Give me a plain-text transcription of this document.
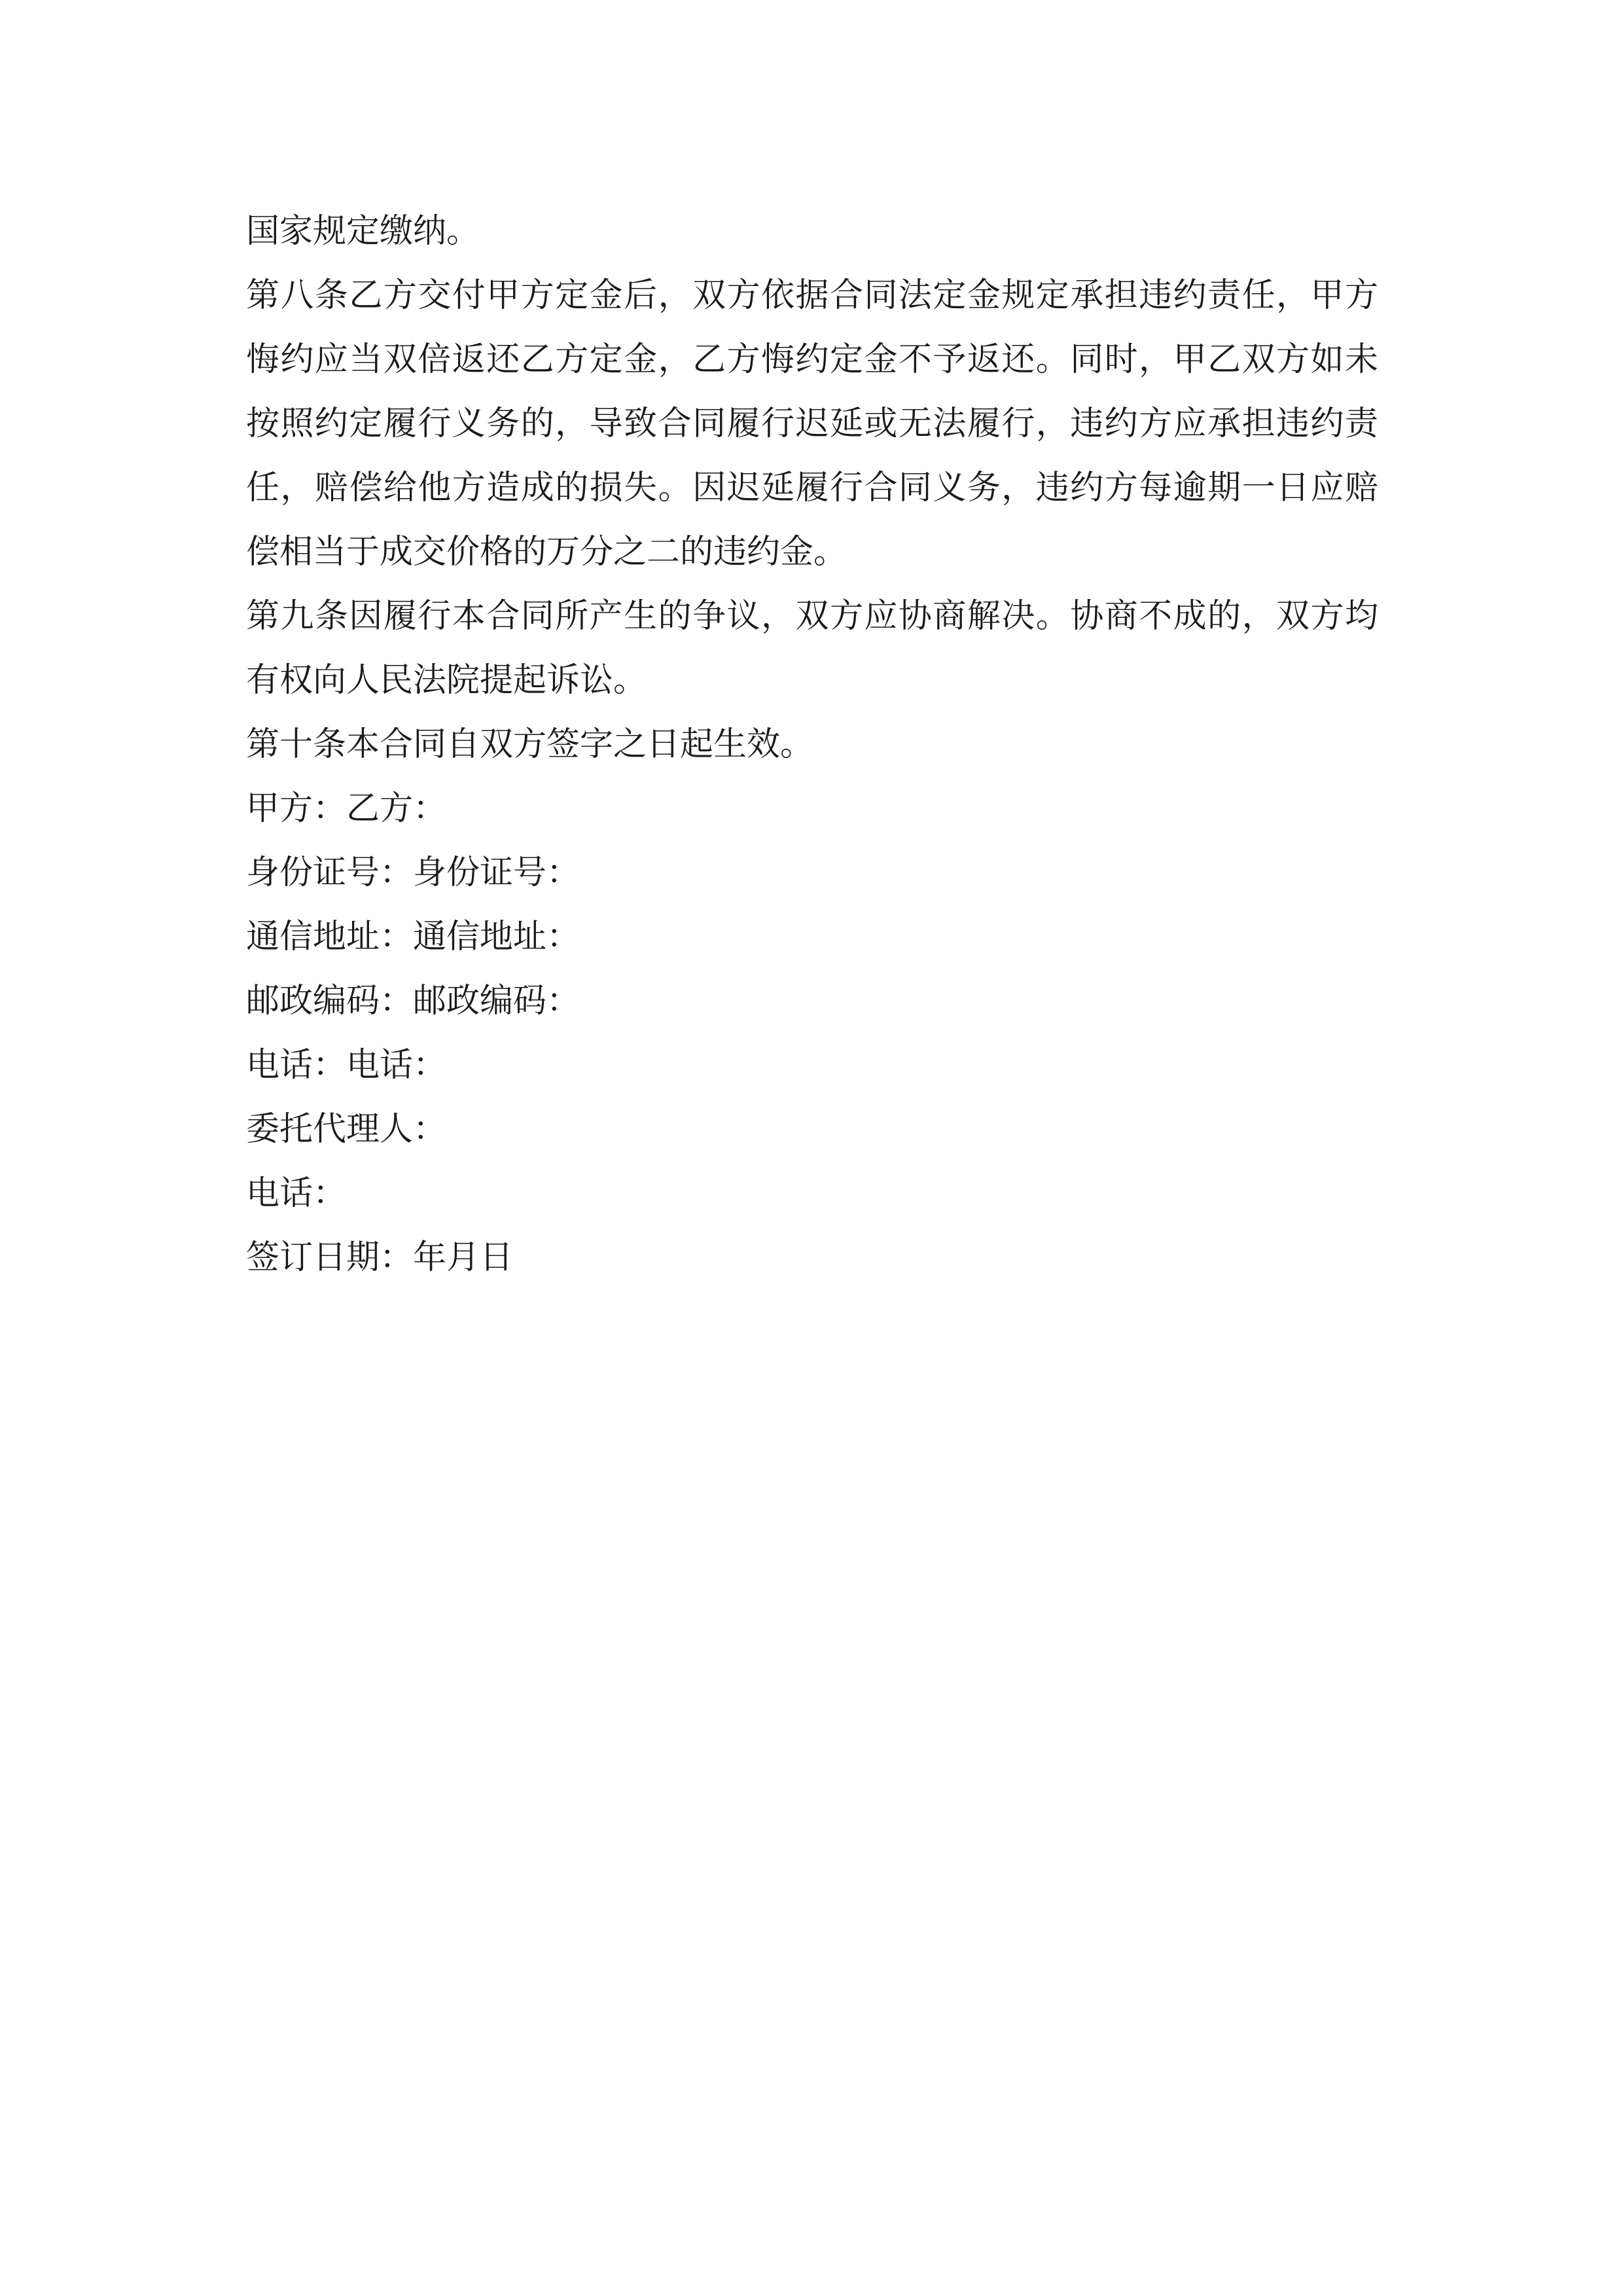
国家规定缴纳。

第八条乙方交付甲方定金后，双方依据合同法定金规定承担违约责任，甲方悔约应当双倍返还乙方定金，乙方悔约定金不予返还。同时，甲乙双方如未按照约定履行义务的，导致合同履行迟延或无法履行，违约方应承担违约责任，赔偿给他方造成的损失。因迟延履行合同义务，违约方每逾期一日应赔偿相当于成交价格的万分之二的违约金。

第九条因履行本合同所产生的争议，双方应协商解决。协商不成的，双方均有权向人民法院提起诉讼。

第十条本合同自双方签字之日起生效。

甲方：乙方：

身份证号：身份证号：

通信地址：通信地址：

邮政编码：邮政编码：

电话：电话：

委托代理人：

电话：

签订日期：年月日
